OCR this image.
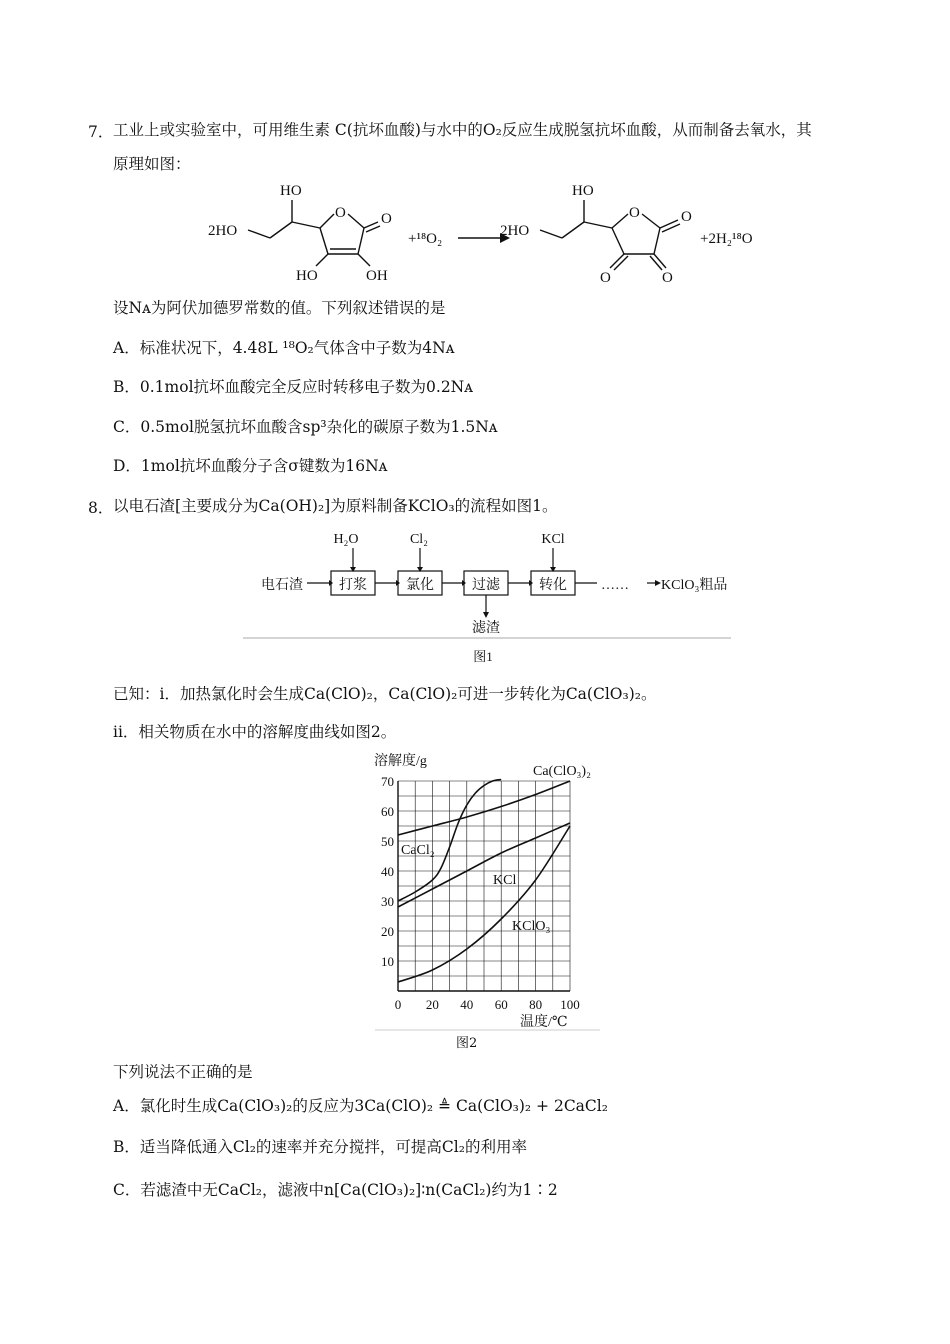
7． 工业上或实验室中，可用维生素 C(抗坏血酸)与水中的O₂反应生成脱氢抗坏血酸，从而制备去氧水，其
原理如图：
2HO
HO
O O
HO	OH
+¹⁸O₂	2HO
HO
O	O
O	O
+2H₂¹⁸O
设Nᴀ为阿伏加德罗常数的值。下列叙述错误的是
A．标准状况下，4.48L ¹⁸O₂气体含中子数为4Nᴀ
B．0.1mol抗坏血酸完全反应时转移电子数为0.2Nᴀ
C．0.5mol脱氢抗坏血酸含sp³杂化的碳原子数为1.5Nᴀ
D．1mol抗坏血酸分子含σ键数为16Nᴀ
8． 以电石渣[主要成分为Ca(OH)₂]为原料制备KClO₃的流程如图1。
H₂O	Cl₂	KCl
电石渣	打浆	氯化	过滤	转化 …… KClO₃粗品
滤渣
图1
已知：i．加热氯化时会生成Ca(ClO)₂，Ca(ClO)₂可进一步转化为Ca(ClO₃)₂。
ii．相关物质在水中的溶解度曲线如图2。
0 20 40 60 80 100
10
20
30
40
50
60
70
溶解度/g
温度/℃
Ca(ClO₃)₂
CaCl₂
KCl
KClO₃
图2
下列说法不正确的是
A．氯化时生成Ca(ClO₃)₂的反应为3Ca(ClO)₂ ≜ Ca(ClO₃)₂ + 2CaCl₂
B．适当降低通入Cl₂的速率并充分搅拌，可提高Cl₂的利用率
C．若滤渣中无CaCl₂，滤液中n[Ca(ClO₃)₂]∶n(CaCl₂)约为1∶2
